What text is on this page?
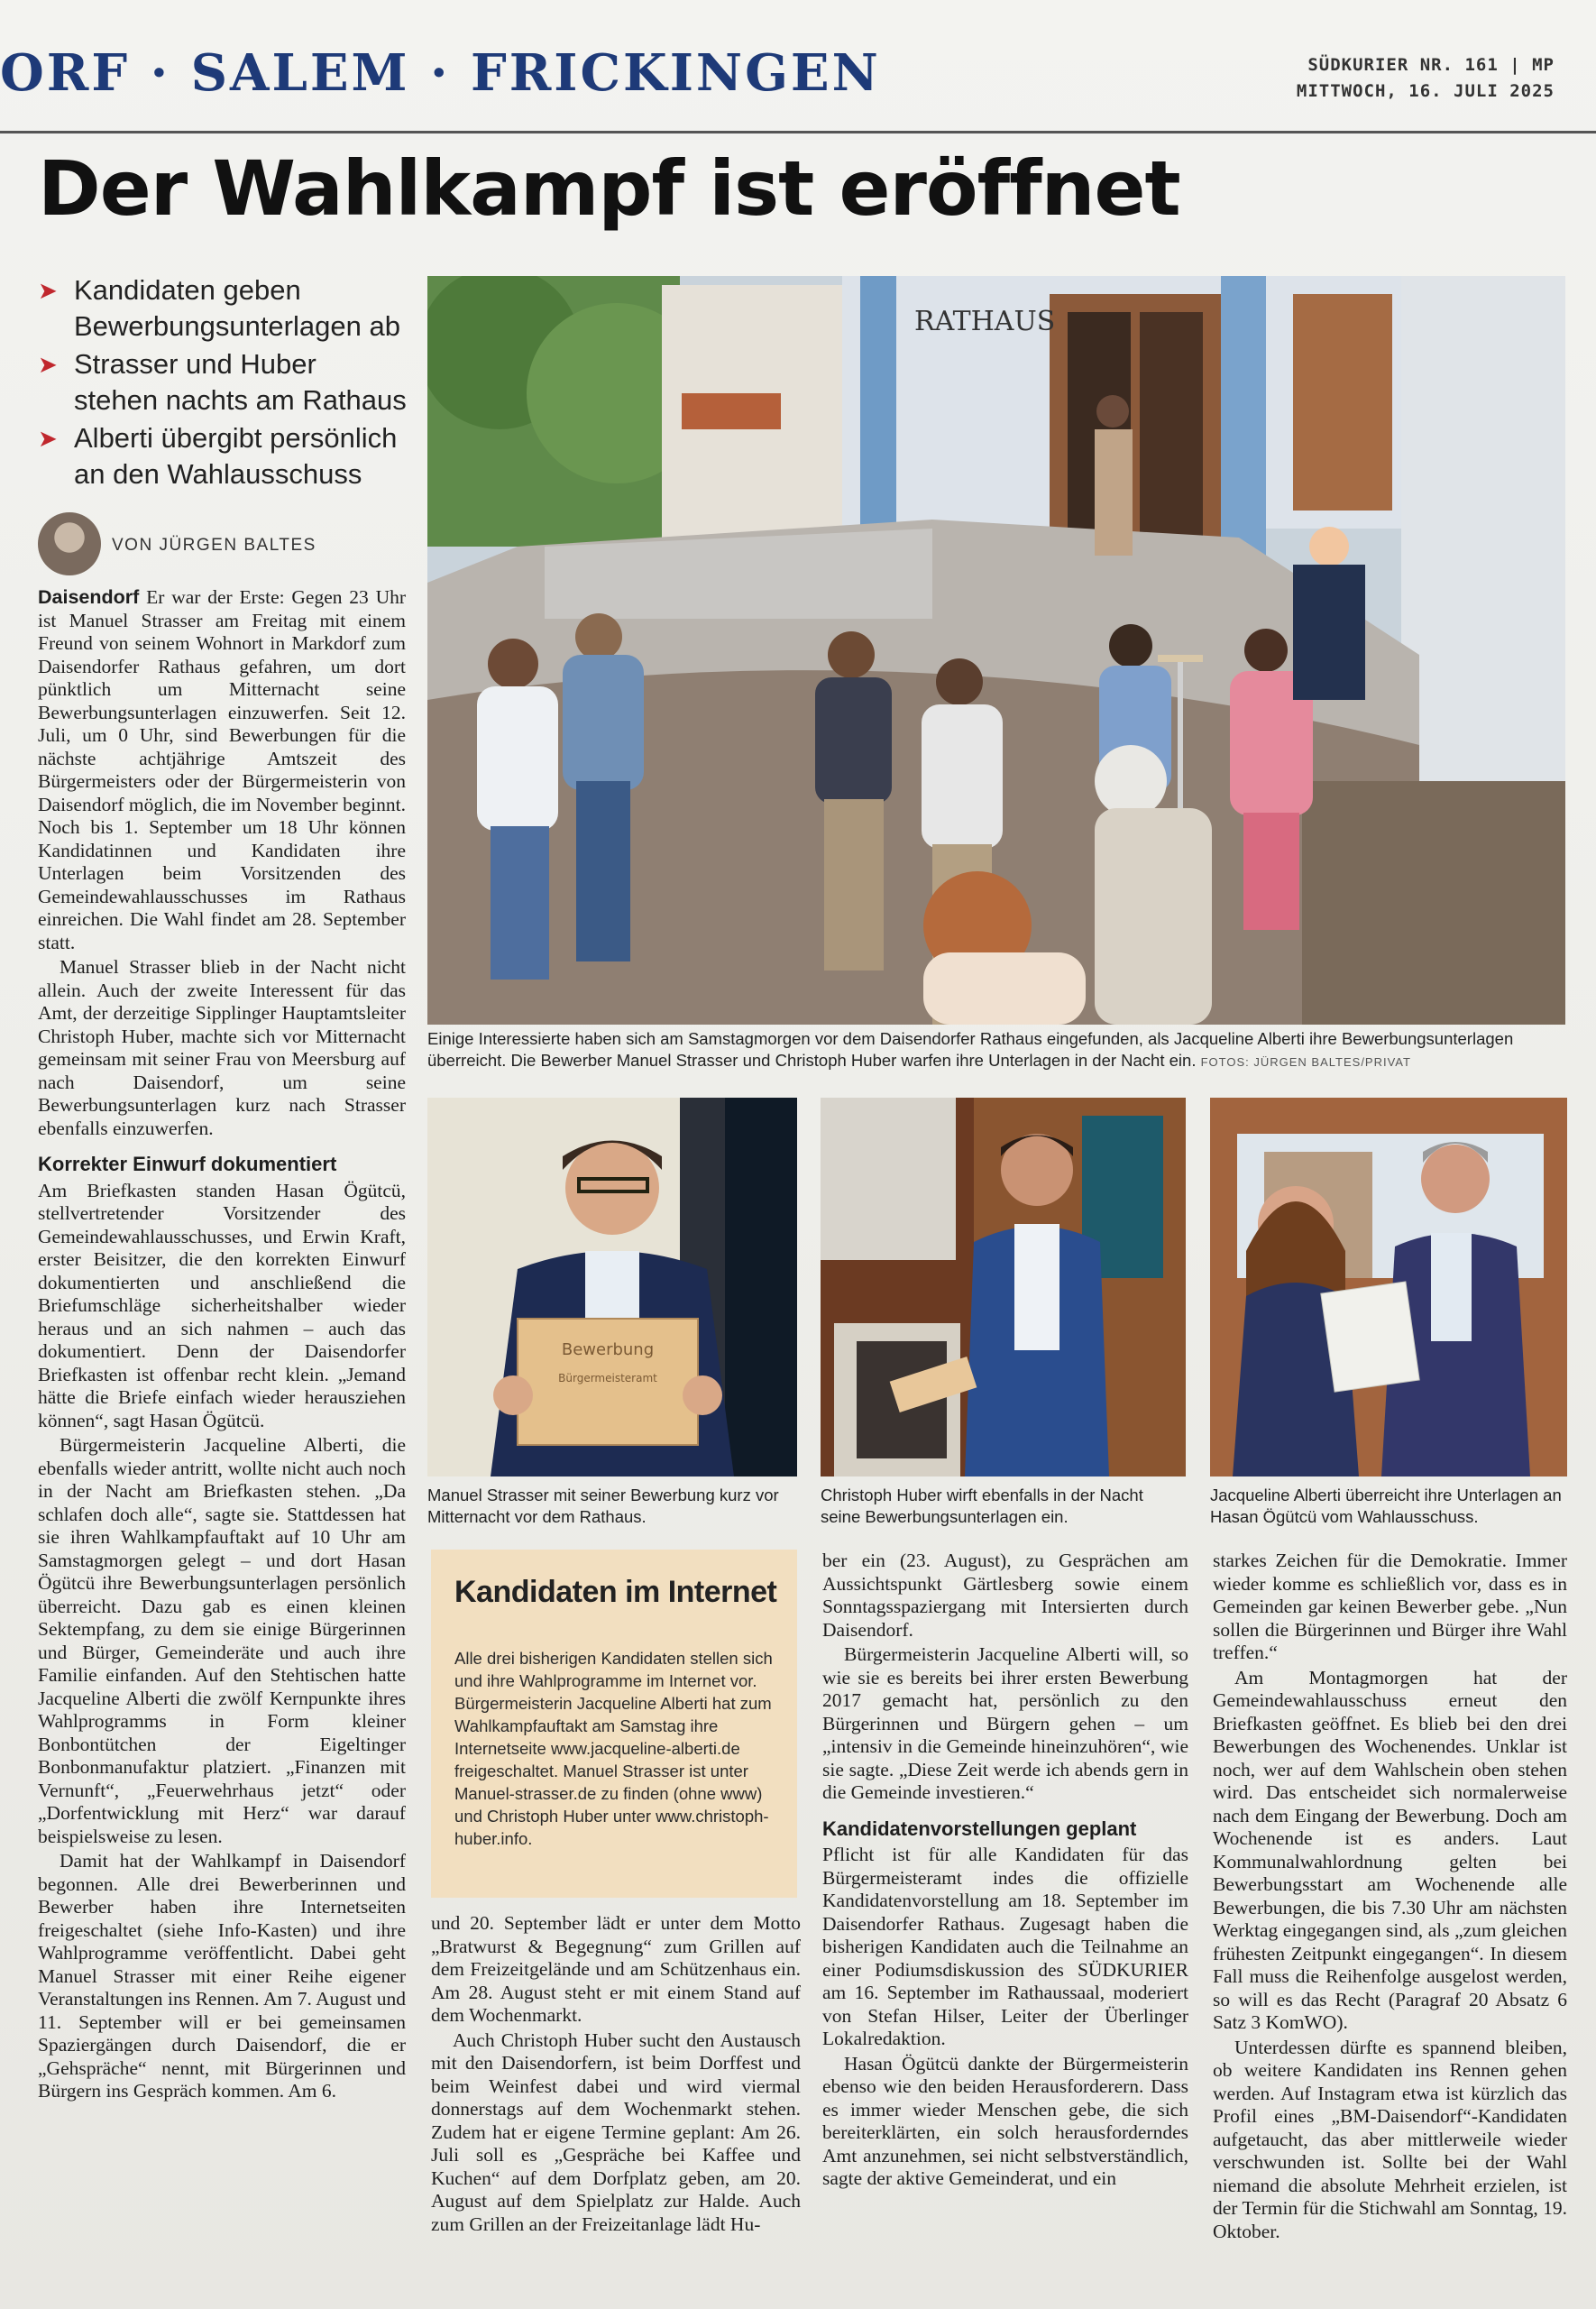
ORF · SALEM · FRICKINGEN	SÜDKURIER NR. 161 | MP
MITTWOCH, 16. JULI 2025
Der Wahlkampf ist eröffnet
➤ Kandidaten geben Bewerbungsunterlagen ab
➤ Strasser und Huber stehen nachts am Rathaus
➤ Alberti übergibt persönlich an den Wahlausschuss
VON JÜRGEN BALTES

Daisendorf Er war der Erste: Gegen 23 Uhr ist Manuel Strasser am Freitag mit einem Freund von seinem Wohnort in Markdorf zum Daisendorfer Rathaus gefahren, um dort pünktlich um Mitternacht seine Bewerbungsunterlagen einzuwerfen. Seit 12. Juli, um 0 Uhr, sind Bewerbungen für die nächste achtjährige Amtszeit des Bürgermeisters oder der Bürgermeisterin von Daisendorf möglich, die im November beginnt. Noch bis 1. September um 18 Uhr können Kandidatinnen und Kandidaten ihre Unterlagen beim Vorsitzenden des Gemeindewahlausschusses im Rathaus einreichen. Die Wahl findet am 28. September statt.

Manuel Strasser blieb in der Nacht nicht allein. Auch der zweite Interessent für das Amt, der derzeitige Sipplinger Hauptamtsleiter Christoph Huber, machte sich vor Mitternacht gemeinsam mit seiner Frau von Meersburg auf nach Daisendorf, um seine Bewerbungsunterlagen kurz nach Strasser ebenfalls einzuwerfen.

Korrekter Einwurf dokumentiert

Am Briefkasten standen Hasan Ögütcü, stellvertretender Vorsitzender des Gemeindewahlausschusses, und Erwin Kraft, erster Beisitzer, die den korrekten Einwurf dokumentierten und anschließend die Briefumschläge sicherheitshalber wieder heraus und an sich nahmen – auch das dokumentiert. Denn der Daisendorfer Briefkasten ist offenbar recht klein. „Jemand hätte die Briefe einfach wieder herausziehen können“, sagt Hasan Ögütcü.

Bürgermeisterin Jacqueline Alberti, die ebenfalls wieder antritt, wollte nicht auch noch in der Nacht am Briefkasten stehen. „Da schlafen doch alle“, sagte sie. Stattdessen hat sie ihren Wahlkampfauftakt auf 10 Uhr am Samstagmorgen gelegt – und dort Hasan Ögütcü ihre Bewerbungsunterlagen persönlich überreicht. Dazu gab es einen kleinen Sektempfang, zu dem sie einige Bürgerinnen und Bürger, Gemeinderäte und auch ihre Familie einfanden. Auf den Stehtischen hatte Jacqueline Alberti die zwölf Kernpunkte ihres Wahlprogramms in Form kleiner Bonbontütchen der Eigeltinger Bonbonmanufaktur platziert. „Finanzen mit Vernunft“, „Feuerwehrhaus jetzt“ oder „Dorfentwicklung mit Herz“ war darauf beispielsweise zu lesen.

Damit hat der Wahlkampf in Daisendorf begonnen. Alle drei Bewerberinnen und Bewerber haben ihre Internetseiten freigeschaltet (siehe Info-Kasten) und ihre Wahlprogramme veröffentlicht. Dabei geht Manuel Strasser mit einer Reihe eigener Veranstaltungen ins Rennen. Am 7. August und 11. September will er bei gemeinsamen Spaziergängen durch Daisendorf, die er „Gehspräche“ nennt, mit Bürgerinnen und Bürgern ins Gespräch kommen. Am 6.

RATHAUS
Einige Interessierte haben sich am Samstagmorgen vor dem Daisendorfer Rathaus eingefunden, als Jacqueline Alberti ihre Bewerbungsunterlagen überreicht. Die Bewerber Manuel Strasser und Christoph Huber warfen ihre Unterlagen in der Nacht ein. FOTOS: JÜRGEN BALTES/PRIVAT
Bewerbung
Bürgermeisteramt
Manuel Strasser mit seiner Bewerbung kurz vor Mitternacht vor dem Rathaus.
Christoph Huber wirft ebenfalls in der Nacht seine Bewerbungsunterlagen ein.
Jacqueline Alberti überreicht ihre Unterlagen an Hasan Ögütcü vom Wahlausschuss.
Kandidaten im Internet
Alle drei bisherigen Kandidaten stellen sich und ihre Wahlprogramme im Internet vor. Bürgermeisterin Jacqueline Alberti hat zum Wahlkampfauftakt am Samstag ihre Internetseite www.jacqueline-alberti.de freigeschaltet. Manuel Strasser ist unter Manuel-strasser.de zu finden (ohne www) und Christoph Huber unter www.christoph-huber.info.

und 20. September lädt er unter dem Motto „Bratwurst & Begegnung“ zum Grillen auf dem Freizeitgelände und am Schützenhaus ein. Am 28. August steht er mit einem Stand auf dem Wochenmarkt.

Auch Christoph Huber sucht den Austausch mit den Daisendorfern, ist beim Dorffest und beim Weinfest dabei und wird viermal donnerstags auf dem Wochenmarkt stehen. Zudem hat er eigene Termine geplant: Am 26. Juli soll es „Gespräche bei Kaffee und Kuchen“ auf dem Dorfplatz geben, am 20. August auf dem Spielplatz zur Halde. Auch zum Grillen an der Freizeitanlage lädt Hu-

ber ein (23. August), zu Gesprächen am Aussichtspunkt Gärtlesberg sowie einem Sonntagsspaziergang mit Intersierten durch Daisendorf.

Bürgermeisterin Jacqueline Alberti will, so wie sie es bereits bei ihrer ersten Bewerbung 2017 gemacht hat, persönlich zu den Bürgerinnen und Bürgern gehen – um „intensiv in die Gemeinde hineinzuhören“, wie sie sagte. „Diese Zeit werde ich abends gern in die Gemeinde investieren.“

Kandidatenvorstellungen geplant

Pflicht ist für alle Kandidaten für das Bürgermeisteramt indes die offizielle Kandidatenvorstellung am 18. September im Daisendorfer Rathaus. Zugesagt haben die bisherigen Kandidaten auch die Teilnahme an einer Podiumsdiskussion des SÜDKURIER am 16. September im Rathaussaal, moderiert von Stefan Hilser, Leiter der Überlinger Lokalredaktion.

Hasan Ögütcü dankte der Bürgermeisterin ebenso wie den beiden Herausforderern. Dass es immer wieder Menschen gebe, die sich bereiterklärten, ein solch herausforderndes Amt anzunehmen, sei nicht selbstverständlich, sagte der aktive Gemeinderat, und ein

starkes Zeichen für die Demokratie. Immer wieder komme es schließlich vor, dass es in Gemeinden gar keinen Bewerber gebe. „Nun sollen die Bürgerinnen und Bürger ihre Wahl treffen.“

Am Montagmorgen hat der Gemeindewahlausschuss erneut den Briefkasten geöffnet. Es blieb bei den drei Bewerbungen des Wochenendes. Unklar ist noch, wer auf dem Wahlschein oben stehen wird. Das entscheidet sich normalerweise nach dem Eingang der Bewerbung. Doch am Wochenende ist es anders. Laut Kommunalwahlordnung gelten bei Bewerbungsstart am Wochenende alle Bewerbungen, die bis 7.30 Uhr am nächsten Werktag eingegangen sind, als „zum gleichen frühesten Zeitpunkt eingegangen“. In diesem Fall muss die Reihenfolge ausgelost werden, so will es das Recht (Paragraf 20 Absatz 6 Satz 3 KomWO).

Unterdessen dürfte es spannend bleiben, ob weitere Kandidaten ins Rennen gehen werden. Auf Instagram etwa ist kürzlich das Profil eines „BM-Daisendorf“-Kandidaten aufgetaucht, das aber mittlerweile wieder verschwunden ist. Sollte bei der Wahl niemand die absolute Mehrheit erzielen, ist der Termin für die Stichwahl am Sonntag, 19. Oktober.
